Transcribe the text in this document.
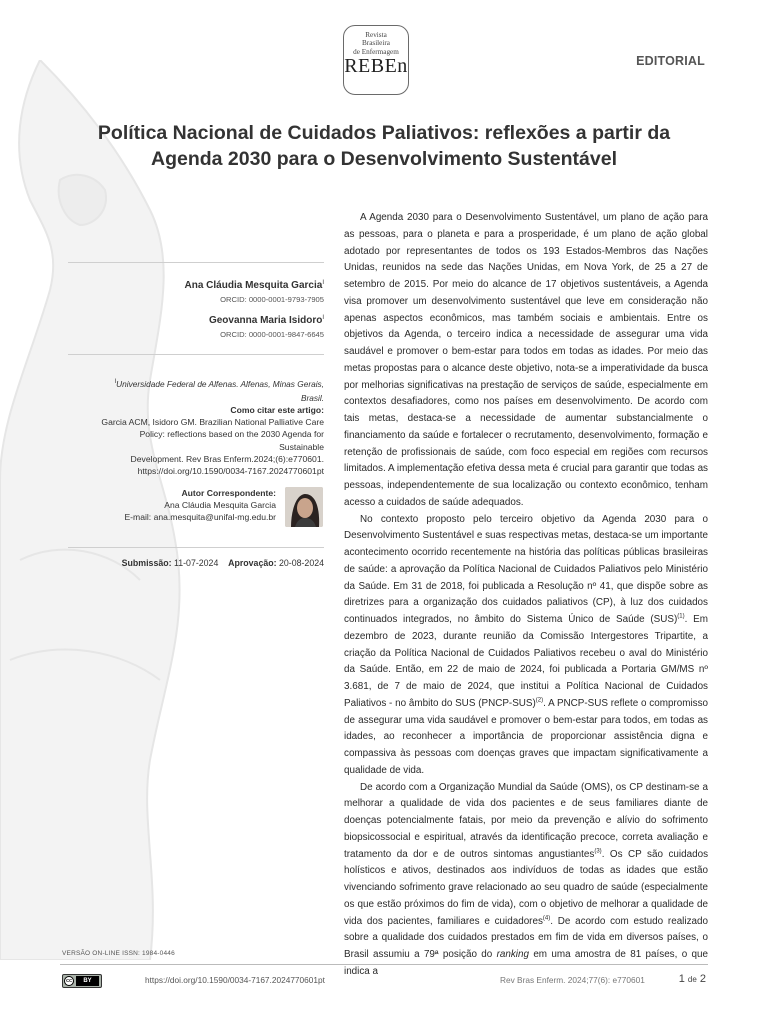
Revista
Brasileira
de Enfermagem
REBEn	EDITORIAL
Política Nacional de Cuidados Paliativos: reflexões a partir da Agenda 2030 para o Desenvolvimento Sustentável
Ana Cláudia Mesquita Garcia$^I$
ORCID: 0000-0001-9793-7905
Geovanna Maria Isidoro$^I$
ORCID: 0000-0001-9847-6645
$^I$Universidade Federal de Alfenas. Alfenas, Minas Gerais, Brasil.
Como citar este artigo:
Garcia ACM, Isidoro GM. Brazilian National Palliative Care
Policy: reflections based on the 2030 Agenda for Sustainable
Development. Rev Bras Enferm.2024;(6):e770601.
https://doi.org/10.1590/0034-7167.2024770601pt
Autor Correspondente:
Ana Cláudia Mesquita Garcia
E-mail: ana.mesquita@unifal-mg.edu.br
Submissão: 11-07-2024 Aprovação: 20-08-2024

A Agenda 2030 para o Desenvolvimento Sustentável, um plano de ação para as pessoas, para o planeta e para a prosperidade, é um plano de ação global adotado por representantes de todos os 193 Estados-Membros das Nações Unidas, reunidos na sede das Nações Unidas, em Nova York, de 25 a 27 de setembro de 2015. Por meio do alcance de 17 objetivos sustentáveis, a Agenda visa promover um desenvolvimento sustentável que leve em consideração não apenas aspectos econômicos, mas também sociais e ambientais. Entre os objetivos da Agenda, o terceiro indica a necessidade de assegurar uma vida saudável e promover o bem-estar para todos em todas as idades. Por meio das metas propostas para o alcance deste objetivo, nota-se a imperatividade da busca por melhorias significativas na prestação de serviços de saúde, especialmente em contextos desafiadores, como nos países em desenvolvimento. De acordo com tais metas, destaca-se a necessidade de aumentar substancialmente o financiamento da saúde e fortalecer o recrutamento, desenvolvimento, formação e retenção de profissionais de saúde, com foco especial em regiões com recursos limitados. A implementação efetiva dessa meta é crucial para garantir que todas as pessoas, independentemente de sua localização ou contexto econômico, tenham acesso a cuidados de saúde adequados.

No contexto proposto pelo terceiro objetivo da Agenda 2030 para o Desenvolvimento Sustentável e suas respectivas metas, destaca-se um importante acontecimento ocorrido recentemente na história das políticas públicas brasileiras de saúde: a aprovação da Política Nacional de Cuidados Paliativos pelo Ministério da Saúde. Em 31 de 2018, foi publicada a Resolução nº 41, que dispõe sobre as diretrizes para a organização dos cuidados paliativos (CP), à luz dos cuidados continuados integrados, no âmbito do Sistema Único de Saúde (SUS)$^{(1)}$. Em dezembro de 2023, durante reunião da Comissão Intergestores Tripartite, a criação da Política Nacional de Cuidados Paliativos recebeu o aval do Ministério da Saúde. Então, em 22 de maio de 2024, foi publicada a Portaria GM/MS nº 3.681, de 7 de maio de 2024, que institui a Política Nacional de Cuidados Paliativos - no âmbito do SUS (PNCP-SUS)$^{(2)}$. A PNCP-SUS reflete o compromisso de assegurar uma vida saudável e promover o bem-estar para todos, em todas as idades, ao reconhecer a importância de proporcionar assistência digna e compassiva às pessoas com doenças graves que impactam significativamente a qualidade de vida.

De acordo com a Organização Mundial da Saúde (OMS), os CP destinam-se a melhorar a qualidade de vida dos pacientes e de seus familiares diante de doenças potencialmente fatais, por meio da prevenção e alívio do sofrimento biopsicossocial e espiritual, através da identificação precoce, correta avaliação e tratamento da dor e de outros sintomas angustiantes$^{(3)}$. Os CP são cuidados holísticos e ativos, destinados aos indivíduos de todas as idades que estão vivenciando sofrimento grave relacionado ao seu quadro de saúde (especialmente os que estão próximos do fim de vida), com o objetivo de melhorar a qualidade de vida dos pacientes, familiares e cuidadores$^{(4)}$. De acordo com estudo realizado sobre a qualidade dos cuidados prestados em fim de vida em diversos países, o Brasil assumiu a 79ª posição do ranking em uma amostra de 81 países, o que indica a

VERSÃO ON-LINE ISSN: 1984-0446
cc	BY	https://doi.org/10.1590/0034-7167.2024770601pt	Rev Bras Enferm. 2024;77(6): e770601	1 de 2
